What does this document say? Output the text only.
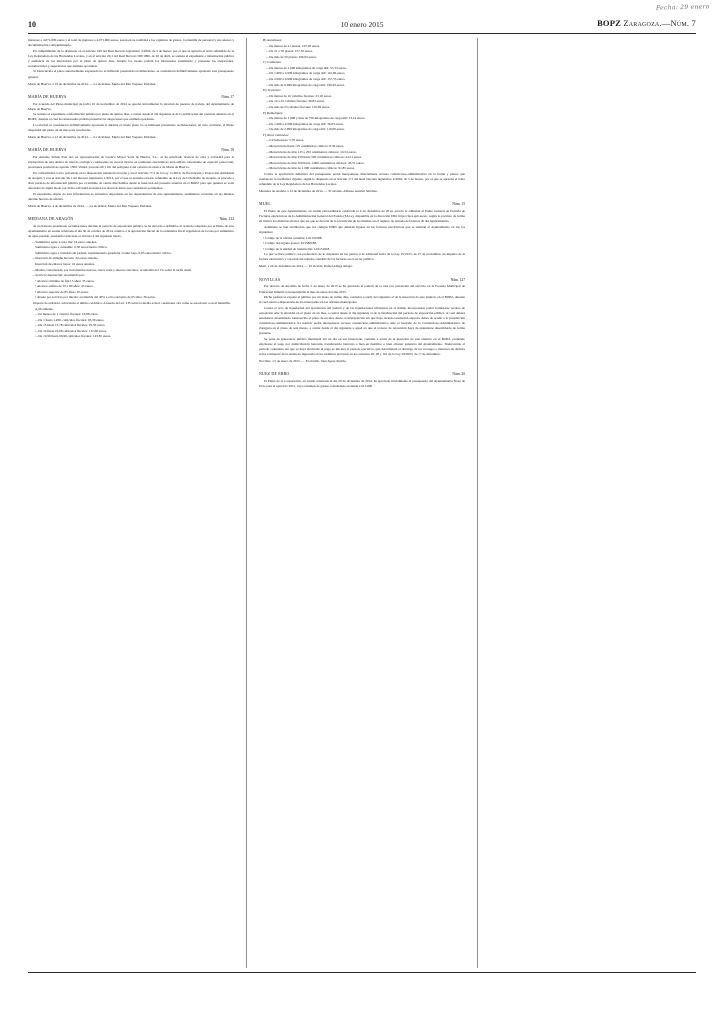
10	10 enero 2015	BOPZ Zaragoza.—Núm. 7
Fecha: 29 enero

intereses a 4.071.000 euros y el total de ingresos a 4.071.000 euros, pasan en su totalidad a los capítulos de gastos, la plantilla de personal y sus anexos y documentación complementaria.

En cumplimiento de lo dispuesto en el artículo 169 del Real Decreto legislativo 2/2004, de 5 de marzo, por el que se aprueba el texto refundido de la Ley Reguladora de las Haciendas Locales, y en el artículo 20.1 del Real Decreto 500/1990, de 20 de abril, se somete el expediente a información pública y audiencia de los interesados por el plazo de quince días, durante los cuales podrán los interesados examinarlo y presentar las alegaciones, reclamaciones y sugerencias que estimen oportunas.

Si transcurrido el plazo anteriormente expresado no se hubieran presentado reclamaciones, se considerará definitivamente aprobado este presupuesto general.

María de Huerva, a 19 de diciembre de 2014. — La alcaldesa, María del Mar Vaquero Periánez.

MARÍA DE HUERVA	Núm. 17

Por acuerdo del Pleno municipal de fecha 22 de noviembre de 2014 se aprobó inicialmente la relación de puestos de trabajo del Ayuntamiento de María de Huerva.

Se somete el expediente a información pública por plazo de quince días, a contar desde el día siguiente al de la publicación del presente anuncio en el BOPZ, durante el cual los interesados podrán presentar las alegaciones que estimen oportunas.

La relación se considerará definitivamente aprobada si durante el citado plazo no se hubiesen presentado reclamaciones; en caso contrario, el Pleno dispondrá del plazo de un mes para resolverlas.

María de Huerva, a 12 de diciembre de 2014. — La alcaldesa, María del Mar Vaquero Periánez.

MARÍA DE HUERVA	Núm. 18

Por Antonio Simón Esté del, en representación de Cuenco Mayor Sería de Huerva, S.L., se ha solicitado licencia de obra y actividad para la explotación de una dedica de nuevas ecológica conducente en cuevas típicas en reuniones electrónicas urea-sulfato cabecitante de especial protección, posiciones productivas aparato 1309. Vallad, parcelas 66 y 60, del polígono 4 del catastro de rústica de María de Huerva.

En conformidad con lo prevenido en la disposición transitoria novena y en el artículo 77.3 de la Ley 11/2014, de Prevención y Protección Ambiental de Aragón, y con el artículo 36.1 del Decreto legislativo 1/2014, por el que se aprueba el texto refundido de la Ley de Urbanismo de Aragón, se procede a abrir período de información pública por el término de veinte días hábiles desde la inserción del presente anuncio en el BOPZ para que quienes se vean afectados de algún modo por dicha actividad presenten las observaciones que consideren pertinentes.

El expediente objeto de esta información se encuentra depositado en las dependencias de este Ayuntamiento, pudiéndose consultar en las mismas durante horario de oficina.

María de Huerva, 4 de diciembre de 2014. — La alcaldesa, María del Mar Vaquero Periánez.

MEDIANA DE ARAGÓN	Núm. 122

Al no haberse presentado reclamaciones durante el período de exposición pública, se ha elevado a definitivo el acuerdo adoptado por el Pleno de este Ayuntamiento en sesión celebrada el día 30 de octubre de 2014, relativo a la aprobación inicial de la ordenanza fiscal reguladora de la tasa por suministro de agua potable, quedando redactado el artículo 6 del siguiente modo:

—Suministro agua: Cuota fija: 16 euros anuales.

Suministro agua a consumir: 0,30 euros/metro cúbico.

Suministro agua a vivienda sin padrón, suplementaria guardería a taller bajo, 0,03 euros/metro cúbico.

—Inserción de enlaghe horario: 32 euros anuales.

Inserción de enlaces bajos: 16 euros anuales.

—Medios concentrada, por incrementos nuevos, cierre zona y dueros concretos, acometida del 1% sobre la tarifa usual.

—Servicio depuración: Acometida por:

• Alcance: mínimo de fija 15 años: 35 euros.

• Alcance sulfato de 50 a 80 años: 45 euros.

• Alcance superior de 85 años: 30 euros.

• Abono por servicio por interés: acometida del 40% a otra convenio de 65 años: 36 euros.

Importe de enfriado: sobreviene el último cerámico: Acuerdo del art. 2 B sobre la media actual, cuestiones cita como se estacionar a escal mensible.

A) Pertinente.

—En menos de 1 catastro fiscales: 16,88 euros.

—De 1 hasta 1.200, cubículos fiscales: 65,30 euros.

—De 15 hasta 15,78 cubículos fiscales: 95,50 euros.

—De 16 hasta 19,08 cubículos fiscales: 131,00 euros.

—De 19,99 hasta 99,99 cubículos fiscales: 143,85 euros.

B) Autobuses:

—De menos de 21 plazas: 107,00 euros.

—De 21 a 50 plazas: 157,55 euros.

—De más de 50 plazas: 196,93 euros.

C) Camiones:

—De menos de 1.000 kilogramos de carga útil: 55,33 euros.

—De 1.000 a 2.999 kilogramos de carga útil: 110,86 euros.

—De 2.999 a 9.999 kilogramos de carga útil: 157,55 euros.

—De más de 9.999 kilogramos de carga útil: 196,93 euros.

D) Tractores:

—De menos de 16 caballos fiscales: 23,18 euros.

—De 16 a 25 caballos fiscales: 36,83 euros.

—De más de 25 caballos fiscales: 110,69 euros.

E) Remolques:

—De menos de 1.000 y más de 750 kilogramos de carga útil: 23,14 euros.

—De 1.000 a 2.999 kilogramos de carga útil: 36,83 euros.

—De más de 2.999 kilogramos de carga útil: 110,69 euros.

F) Otros vehículos:

—Ciclomotores: 5,78 euros.

—Motocicletas hasta 125 centímetros cúbicos: 8,39 euros.

—Motocicletas de más 125 a 250 centímetros cúbicos: 10,34 euros.

—Motocicletas de más 250 hasta 500 centímetros cúbicos: 24,51 euros.

—Motocicletas de más 500 hasta 1.000 centímetros cúbicos: 45,51 euros.

—Motocicletas de más de 1.000 centímetros cúbicos: 91,85 euros.

Contra la aprobación definitiva del presupuesto podrá interponerse directamente recurso contencioso-administrativo en la forma y plazos que establecen la normativa vigente, según lo dispuesto en el artículo 171 del Real Decreto legislativo 2/2004, de 5 de marzo, por el que se aprueba el texto refundido de la Ley Reguladora de las Haciendas Locales.

Mezones de Aranda, a 12 de diciembre de 2014. — El alcalde, Alfonso Astúlez Sánchez.

MUEL	Núm. 15

El Pleno de este Ayuntamiento, en sesión extraordinaria celebrada el 4 de diciembre de 2014, acordó la adhesión al Punto General de Entrada de Facturas electrónicas de la Administración General del Estado (FACe), disponible en la dirección URL https://face.gob.es/es/, según lo previsto de forma en rústica los distintos efectos que las que se decreta de la prevención de las mismas en el registro de entrada de facturas de del Ayuntamiento.

Asimismo se han establecido que los códigos DIR3 que deberán figurar en las facturas electrónicas que se remitan al Ayuntamiento en los los siguientes:

• Código de la oficina contable: L01150188.

• Código del órgano gestor: L01580188.

• Código de la unidad de tramitación: L01151818.

Lo que se hace público con preferencia de lo dispuesto en los puntos 4 de adicional sexta de la Ley 25/2013, de 27 de noviembre, de impulso de la factura electrónica y creación del registro contable de las facturas en el sector público.

Muel, a 26 de diciembre de 2014. — El alcalde, Rafael Allaga Allaga.

NOVILLAS	Núm. 127

Por decreto de Alcaldía de fecha 5 de enero de 2015 se ha aprobado el padrón de la tasa por prestación del servicio en la Escuela Municipal de Educación Infantil correspondiente al mes de enero del año 2015.

Dicho padrón se expone al público por un plazo de veinte días, contados a partir del siguiente al de la inserción de este anuncio en el BOPZ, durante el cual estará a disposición de los interesados en las oficinas municipales.

Contra el acto de liquidación del aprobación del padrón y de las liquidaciones tributarias en el mismo incorporadas podrá formularse recurso de reposición ante la Alcaldía en el plazo de un mes, a contar desde el día siguiente al de la finalización del período de exposición pública, al cual deberá entenderse desestimado transcurrido el plazo de un mes desde su interposición sin que haya recaído resolución expresa. Antes de acudir a lo jurisdicción contencioso-administrativa, ha realizar podrá interponerse recurso contencioso-administrativo ante el Juzgado de lo Contencioso-Administrativo de Zaragoza en el plazo de seis meses, a contar desde el día siguiente a aquel en que el recurso de reposición haya de entenderse desestimado de forma presunta.

Se pone de ignorancia pública municipal ant de día en ese interesado, cuantías a partir de la inserción de este anuncio en el BOPZ, pudiendo efectuarse el pago por domiciliación bancaria, transferencia bancaria o bien en metálico o bien obtener ganancia del Ayuntamiento. Transcurrido el período voluntario sin que se haya efectuado el pago se iniciará el período ejecutivo, que determinará el devengo de los recargos e intereses de demora sobre el importe de la deuda no ingresada en los términos previstos en los artículos 26, 28 y 161 de la Ley 58/2003, de 17 de diciembre.

Novillas, a 5 de enero de 2015. — El alcalde, Juan Ayesa Zuriría.

NUEZ DE EBRO	Núm. 20

El Pleno de la Corporación, en sesión celebrada el día 29 de diciembre de 2014, ha aprobado inicialmente el presupuesto del Ayuntamiento Nuez de Ebro para el ejercicio 2015, cuyo resumen de gastos consolidado asciende a 613.000
